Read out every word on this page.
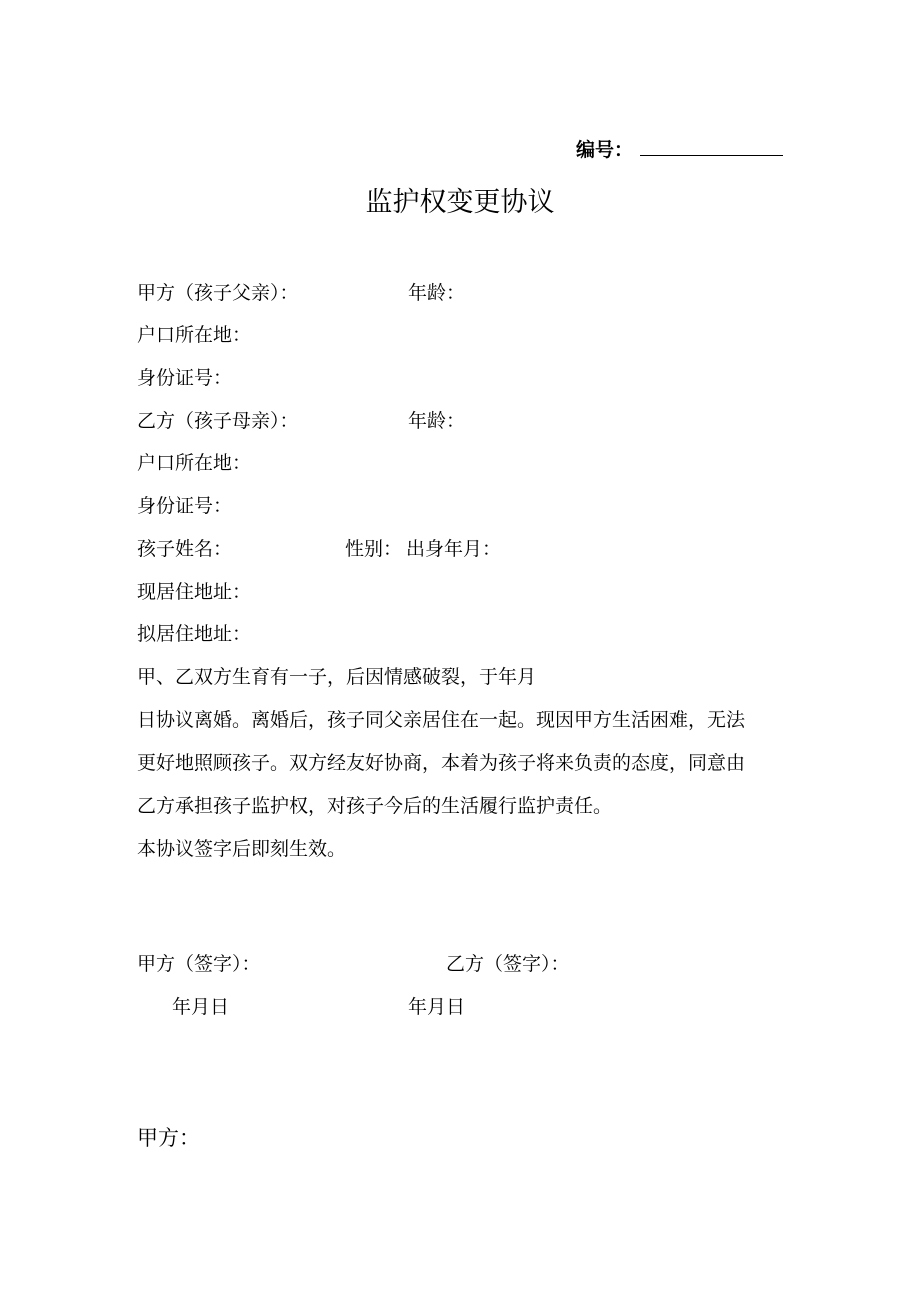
编号：
监护权变更协议
甲方（孩子父亲）：	年龄：
户口所在地：
身份证号：
乙方（孩子母亲）：	年龄：
户口所在地：
身份证号：
孩子姓名：	性别： 出身年月：
现居住地址：
拟居住地址：
甲、乙双方生育有一子，后因情感破裂，于年月
日协议离婚。离婚后，孩子同父亲居住在一起。现因甲方生活困难，无法
更好地照顾孩子。双方经友好协商，本着为孩子将来负责的态度，同意由
乙方承担孩子监护权，对孩子今后的生活履行监护责任。
本协议签字后即刻生效。
甲方（签字）：	乙方（签字）：
年月日	年月日
甲方：
